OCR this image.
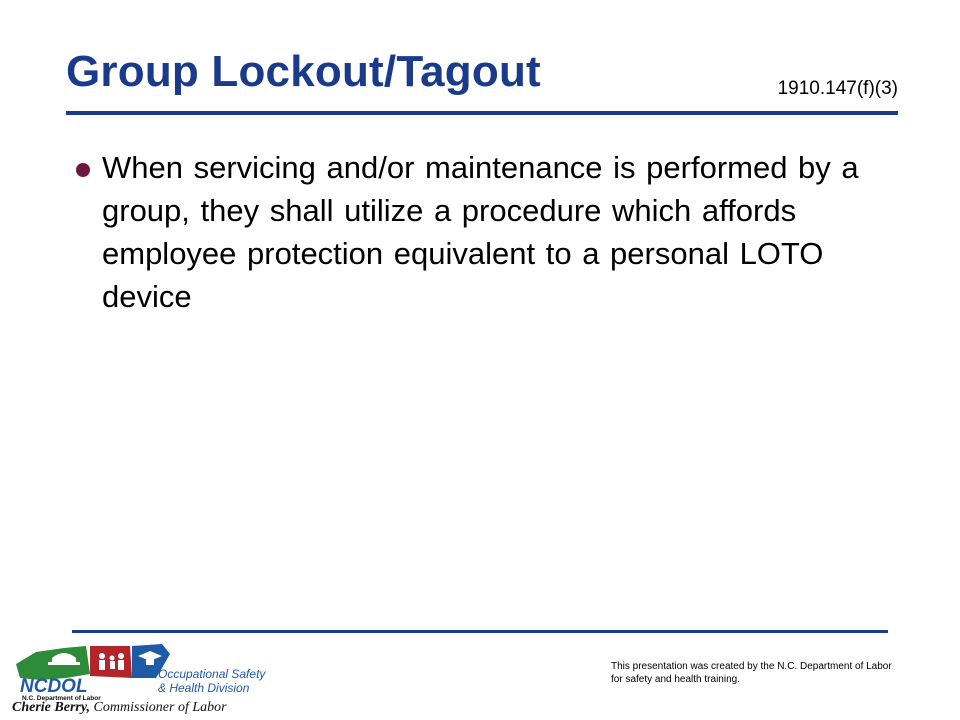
Group Lockout/Tagout	1910.147(f)(3)
When servicing and/or maintenance is performed by a group, they shall utilize a procedure which affords employee protection equivalent to a personal LOTO device
NCDOL
N.C. Department of Labor
Occupational Safety
& Health Division
Cherie Berry, Commissioner of Labor
This presentation was created by the N.C. Department of Labor for safety and health training.
